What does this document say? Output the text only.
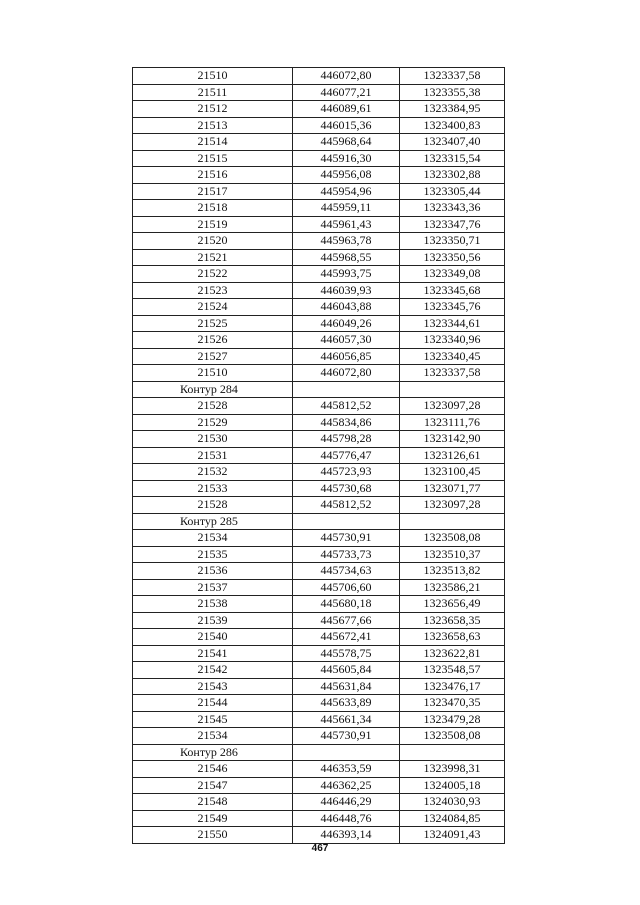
21510	446072,80	1323337,58
21511	446077,21	1323355,38
21512	446089,61	1323384,95
21513	446015,36	1323400,83
21514	445968,64	1323407,40
21515	445916,30	1323315,54
21516	445956,08	1323302,88
21517	445954,96	1323305,44
21518	445959,11	1323343,36
21519	445961,43	1323347,76
21520	445963,78	1323350,71
21521	445968,55	1323350,56
21522	445993,75	1323349,08
21523	446039,93	1323345,68
21524	446043,88	1323345,76
21525	446049,26	1323344,61
21526	446057,30	1323340,96
21527	446056,85	1323340,45
21510	446072,80	1323337,58
Контур 284		
21528	445812,52	1323097,28
21529	445834,86	1323111,76
21530	445798,28	1323142,90
21531	445776,47	1323126,61
21532	445723,93	1323100,45
21533	445730,68	1323071,77
21528	445812,52	1323097,28
Контур 285		
21534	445730,91	1323508,08
21535	445733,73	1323510,37
21536	445734,63	1323513,82
21537	445706,60	1323586,21
21538	445680,18	1323656,49
21539	445677,66	1323658,35
21540	445672,41	1323658,63
21541	445578,75	1323622,81
21542	445605,84	1323548,57
21543	445631,84	1323476,17
21544	445633,89	1323470,35
21545	445661,34	1323479,28
21534	445730,91	1323508,08
Контур 286		
21546	446353,59	1323998,31
21547	446362,25	1324005,18
21548	446446,29	1324030,93
21549	446448,76	1324084,85
21550	446393,14	1324091,43
467
